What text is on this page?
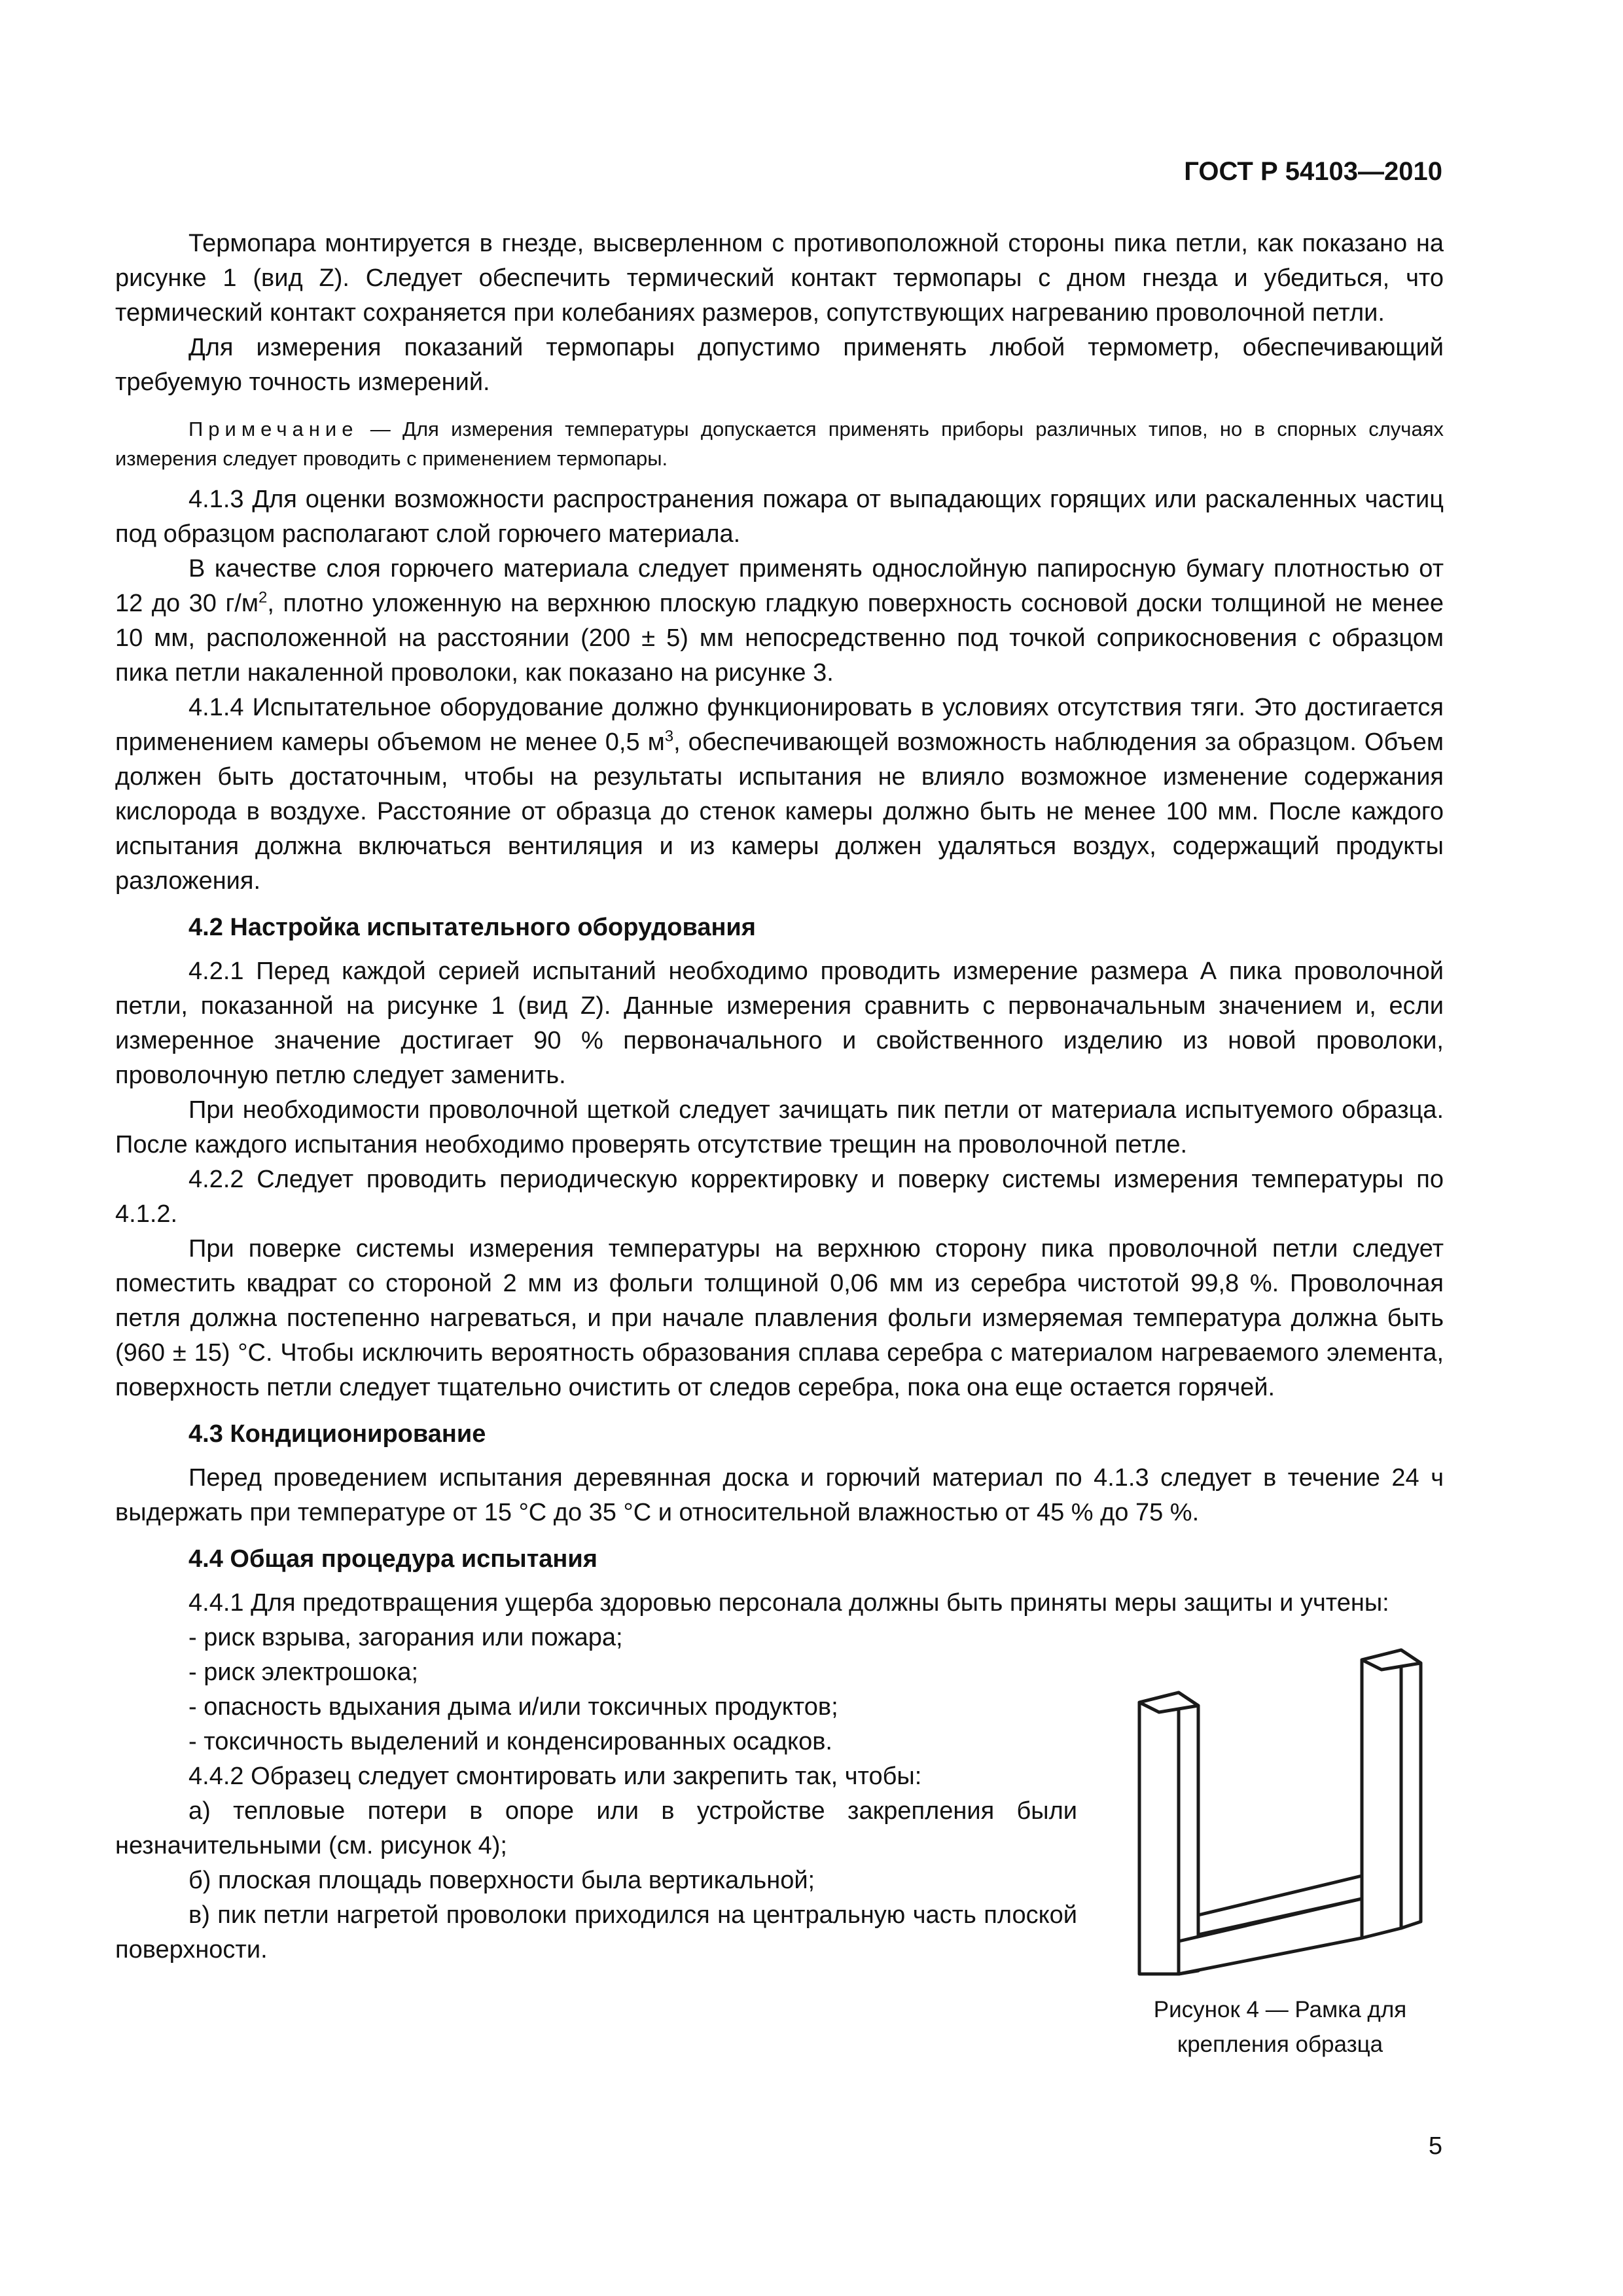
ГОСТ Р 54103—2010

Термопара монтируется в гнезде, высверленном с противоположной стороны пика петли, как показано на рисунке 1 (вид Z). Следует обеспечить термический контакт термопары с дном гнезда и убедиться, что термический контакт сохраняется при колебаниях размеров, сопутствующих нагреванию проволочной петли.

Для измерения показаний термопары допустимо применять любой термометр, обеспечивающий требуемую точность измерений.

Примечание — Для измерения температуры допускается применять приборы различных типов, но в спорных случаях измерения следует проводить с применением термопары.

4.1.3 Для оценки возможности распространения пожара от выпадающих горящих или раскаленных частиц под образцом располагают слой горючего материала.

В качестве слоя горючего материала следует применять однослойную папиросную бумагу плотностью от 12 до 30 $г/м^2$, плотно уложенную на верхнюю плоскую гладкую поверхность сосновой доски толщиной не менее 10 мм, расположенной на расстоянии (200 ± 5) мм непосредственно под точкой соприкосновения с образцом пика петли накаленной проволоки, как показано на рисунке 3.

4.1.4 Испытательное оборудование должно функционировать в условиях отсутствия тяги. Это достигается применением камеры объемом не менее 0,5 $м^3$, обеспечивающей возможность наблюдения за образцом. Объем должен быть достаточным, чтобы на результаты испытания не влияло возможное изменение содержания кислорода в воздухе. Расстояние от образца до стенок камеры должно быть не менее 100 мм. После каждого испытания должна включаться вентиляция и из камеры должен удаляться воздух, содержащий продукты разложения.

4.2 Настройка испытательного оборудования

4.2.1 Перед каждой серией испытаний необходимо проводить измерение размера А пика проволочной петли, показанной на рисунке 1 (вид Z). Данные измерения сравнить с первоначальным значением и, если измеренное значение достигает 90 % первоначального и свойственного изделию из новой проволоки, проволочную петлю следует заменить.

При необходимости проволочной щеткой следует зачищать пик петли от материала испытуемого образца. После каждого испытания необходимо проверять отсутствие трещин на проволочной петле.

4.2.2 Следует проводить периодическую корректировку и поверку системы измерения температуры по 4.1.2.

При поверке системы измерения температуры на верхнюю сторону пика проволочной петли следует поместить квадрат со стороной 2 мм из фольги толщиной 0,06 мм из серебра чистотой 99,8 %. Проволочная петля должна постепенно нагреваться, и при начале плавления фольги измеряемая температура должна быть (960 ± 15) °С. Чтобы исключить вероятность образования сплава серебра с материалом нагреваемого элемента, поверхность петли следует тщательно очистить от следов серебра, пока она еще остается горячей.

4.3 Кондиционирование

Перед проведением испытания деревянная доска и горючий материал по 4.1.3 следует в течение 24 ч выдержать при температуре от 15 °С до 35 °С и относительной влажностью от 45 % до 75 %.

4.4 Общая процедура испытания

4.4.1 Для предотвращения ущерба здоровью персонала должны быть приняты меры защиты и учтены:

Рисунок 4 — Рамка для крепления образца

- риск взрыва, загорания или пожара;

- риск электрошока;

- опасность вдыхания дыма и/или токсичных продуктов;

- токсичность выделений и конденсированных осадков.

4.4.2 Образец следует смонтировать или закрепить так, чтобы:

а) тепловые потери в опоре или в устройстве закрепления были незначительными (см. рисунок 4);

б) плоская площадь поверхности была вертикальной;

в) пик петли нагретой проволоки приходился на центральную часть плоской поверхности.

5
